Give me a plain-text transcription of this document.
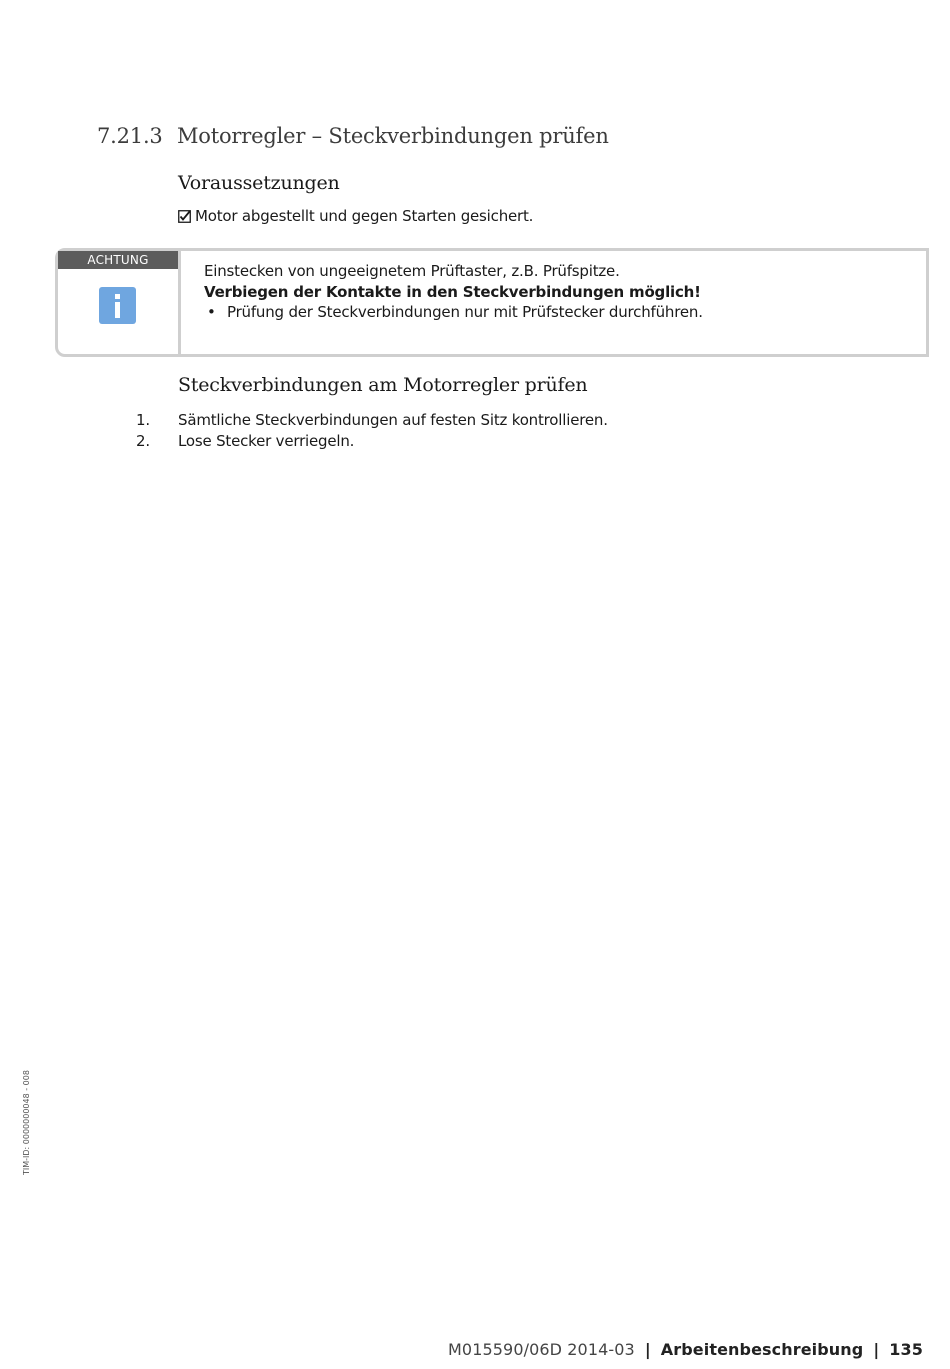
7.21.3 Motorregler – Steckverbindungen prüfen
Voraussetzungen
Motor abgestellt und gegen Starten gesichert.
ACHTUNG
Einstecken von ungeeignetem Prüftaster, z.B. Prüfspitze.
Verbiegen der Kontakte in den Steckverbindungen möglich!
• Prüfung der Steckverbindungen nur mit Prüfstecker durchführen.
Steckverbindungen am Motorregler prüfen
1.	Sämtliche Steckverbindungen auf festen Sitz kontrollieren.
2.	Lose Stecker verriegeln.
TIM-ID: 0000000048 - 008
M015590/06D 2014-03 | Arbeitenbeschreibung | 135
